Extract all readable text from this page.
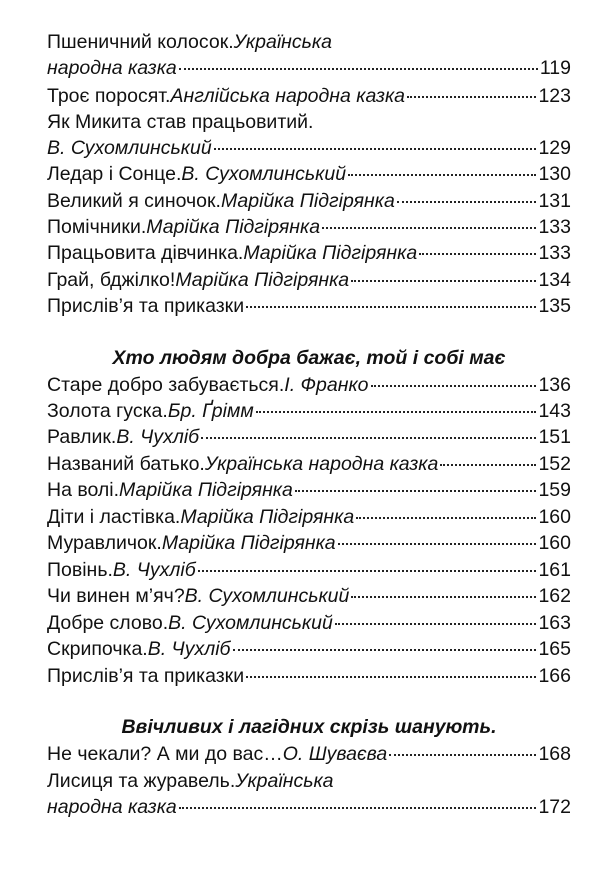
Хто людям добра бажає, той і собі має
Ввічливих і лагідних скрізь шанують.
Пшеничний колосок. Українська
народна казка	119
Троє поросят. Англійська народна казка	123
Як Микита став працьовитий.
В. Сухомлинський	129
Ледар і Сонце. В. Сухомлинський	130
Великий я синочок. Марійка Підгірянка	131
Помічники. Марійка Підгірянка	133
Працьовита дівчинка. Марійка Підгірянка	133
Грай, бджілко! Марійка Підгірянка	134
Прислів’я та приказки	135
Старе добро забувається. І. Франко	136
Золота гуска. Бр. Ґрімм	143
Равлик. В. Чухліб	151
Названий батько. Українська народна казка	152
На волі. Марійка Підгірянка	159
Діти і ластівка. Марійка Підгірянка	160
Муравличок. Марійка Підгірянка	160
Повінь. В. Чухліб	161
Чи винен м’яч? В. Сухомлинський	162
Добре слово. В. Сухомлинський	163
Скрипочка. В. Чухліб	165
Прислів’я та приказки	166
Не чекали? А ми до вас… О. Шуваєва	168
Лисиця та журавель. Українська
народна казка	172
